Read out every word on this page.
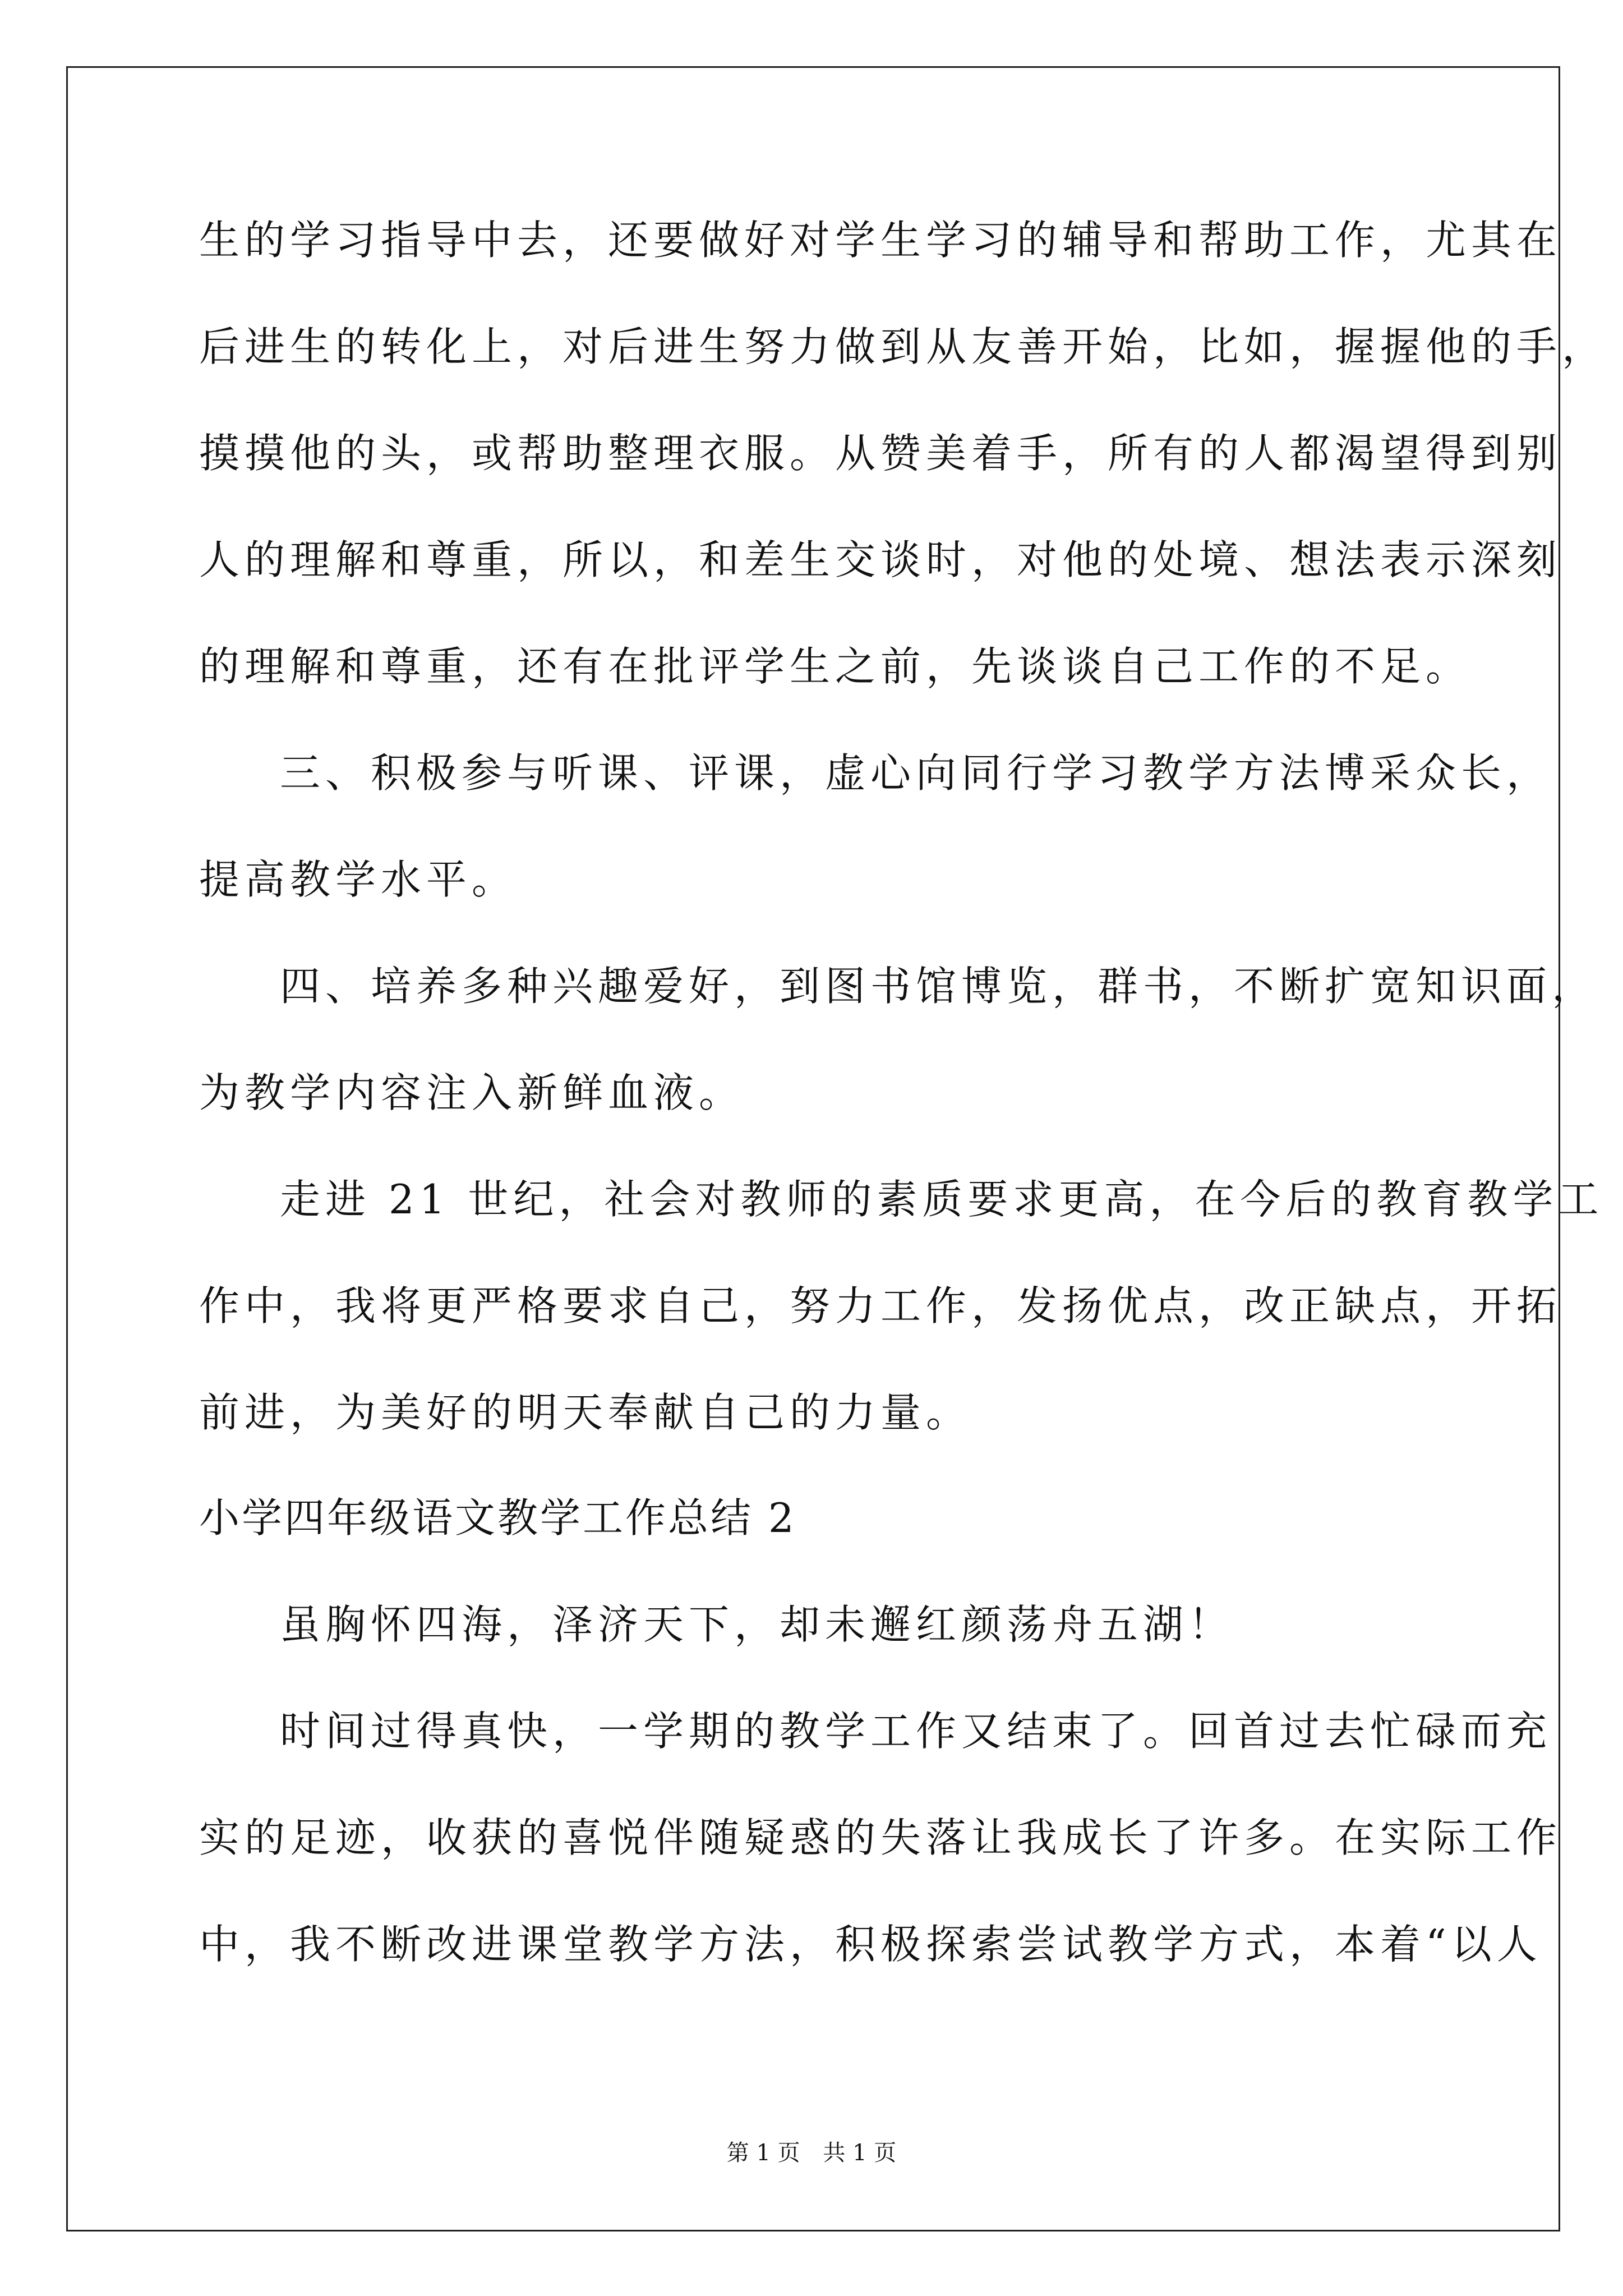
生的学习指导中去，还要做好对学生学习的辅导和帮助工作，尤其在
后进生的转化上，对后进生努力做到从友善开始，比如，握握他的手，
摸摸他的头，或帮助整理衣服。从赞美着手，所有的人都渴望得到别
人的理解和尊重，所以，和差生交谈时，对他的处境、想法表示深刻
的理解和尊重，还有在批评学生之前，先谈谈自己工作的不足。
三、积极参与听课、评课，虚心向同行学习教学方法博采众长，
提高教学水平。
四、培养多种兴趣爱好，到图书馆博览，群书，不断扩宽知识面，
为教学内容注入新鲜血液。
走进 21 世纪，社会对教师的素质要求更高，在今后的教育教学工
作中，我将更严格要求自己，努力工作，发扬优点，改正缺点，开拓
前进，为美好的明天奉献自己的力量。
小学四年级语文教学工作总结 2
虽胸怀四海，泽济天下，却未邂红颜荡舟五湖！
时间过得真快，一学期的教学工作又结束了。回首过去忙碌而充
实的足迹，收获的喜悦伴随疑惑的失落让我成长了许多。在实际工作
中，我不断改进课堂教学方法，积极探索尝试教学方式，本着“以人
第 1 页 共 1 页
